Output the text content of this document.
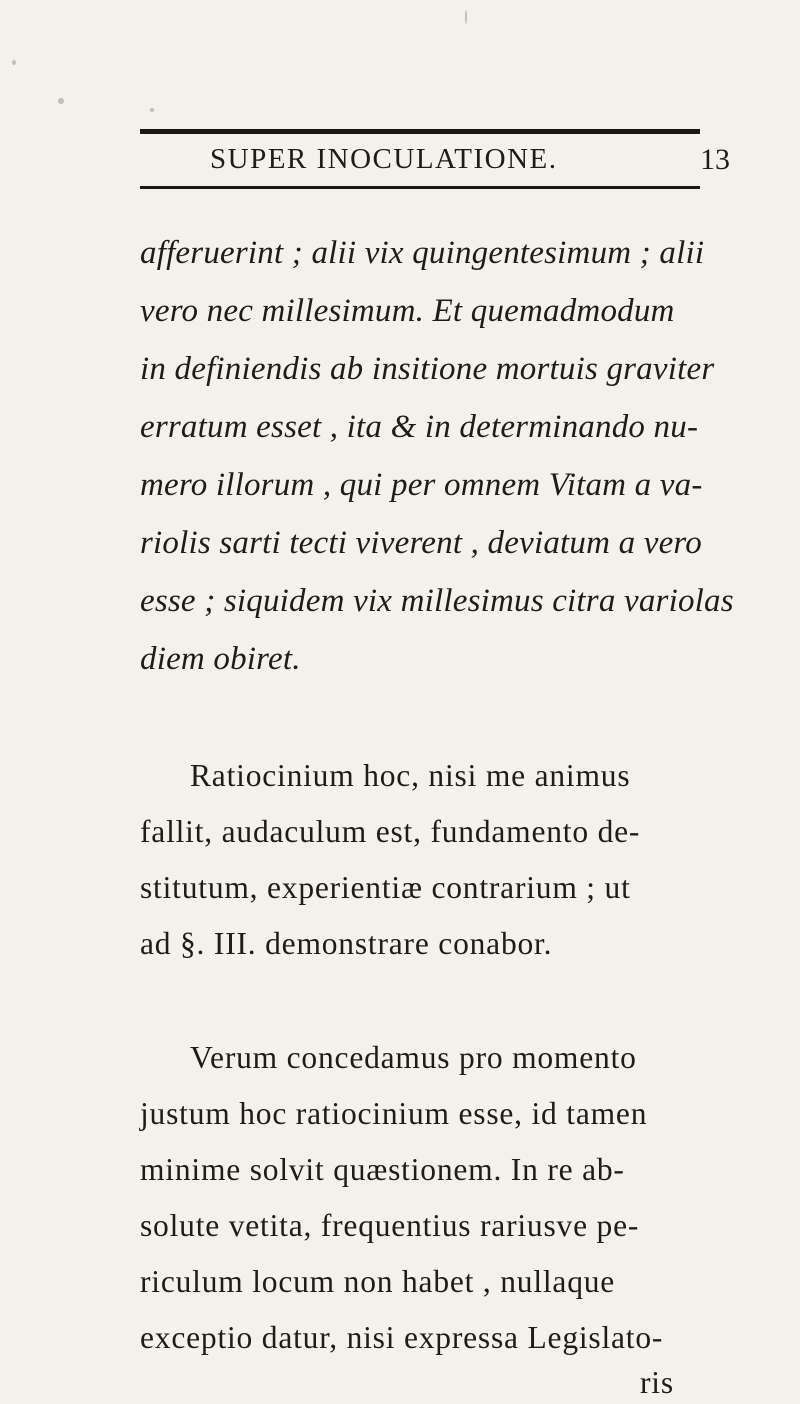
SUPER INOCULATIONE.	13
afferuerint ; alii vix quingentesimum ; alii
vero nec millesimum. Et quemadmodum
in definiendis ab insitione mortuis graviter
erratum esset , ita & in determinando nu-
mero illorum , qui per omnem Vitam a va-
riolis sarti tecti viverent , deviatum a vero
esse ; siquidem vix millesimus citra variolas
diem obiret.
Ratiocinium hoc, nisi me animus
fallit, audaculum est, fundamento de-
stitutum, experientiæ contrarium ; ut
ad §. III. demonstrare conabor.
Verum concedamus pro momento
justum hoc ratiocinium esse, id tamen
minime solvit quæstionem. In re ab-
solute vetita, frequentius rariusve pe-
riculum locum non habet , nullaque
exceptio datur, nisi expressa Legislato-
ris
